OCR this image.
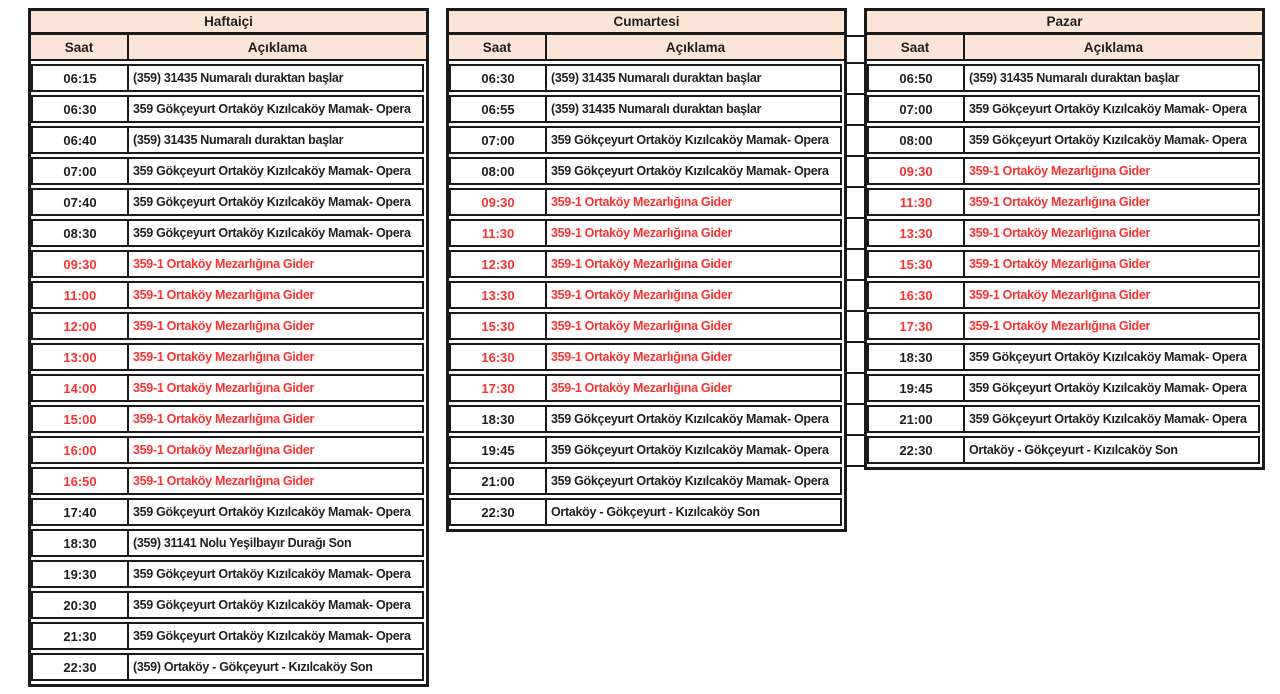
Haftaiçi
Saat	Açıklama
06:15	(359) 31435 Numaralı duraktan başlar
06:30	359 Gökçeyurt Ortaköy Kızılcaköy Mamak- Opera
06:40	(359) 31435 Numaralı duraktan başlar
07:00	359 Gökçeyurt Ortaköy Kızılcaköy Mamak- Opera
07:40	359 Gökçeyurt Ortaköy Kızılcaköy Mamak- Opera
08:30	359 Gökçeyurt Ortaköy Kızılcaköy Mamak- Opera
09:30	359-1 Ortaköy Mezarlığına Gider
11:00	359-1 Ortaköy Mezarlığına Gider
12:00	359-1 Ortaköy Mezarlığına Gider
13:00	359-1 Ortaköy Mezarlığına Gider
14:00	359-1 Ortaköy Mezarlığına Gider
15:00	359-1 Ortaköy Mezarlığına Gider
16:00	359-1 Ortaköy Mezarlığına Gider
16:50	359-1 Ortaköy Mezarlığına Gider
17:40	359 Gökçeyurt Ortaköy Kızılcaköy Mamak- Opera
18:30	(359) 31141 Nolu Yeşilbayır Durağı Son
19:30	359 Gökçeyurt Ortaköy Kızılcaköy Mamak- Opera
20:30	359 Gökçeyurt Ortaköy Kızılcaköy Mamak- Opera
21:30	359 Gökçeyurt Ortaköy Kızılcaköy Mamak- Opera
22:30	(359) Ortaköy - Gökçeyurt - Kızılcaköy Son
Cumartesi
Saat	Açıklama
06:30	(359) 31435 Numaralı duraktan başlar
06:55	(359) 31435 Numaralı duraktan başlar
07:00	359 Gökçeyurt Ortaköy Kızılcaköy Mamak- Opera
08:00	359 Gökçeyurt Ortaköy Kızılcaköy Mamak- Opera
09:30	359-1 Ortaköy Mezarlığına Gider
11:30	359-1 Ortaköy Mezarlığına Gider
12:30	359-1 Ortaköy Mezarlığına Gider
13:30	359-1 Ortaköy Mezarlığına Gider
15:30	359-1 Ortaköy Mezarlığına Gider
16:30	359-1 Ortaköy Mezarlığına Gider
17:30	359-1 Ortaköy Mezarlığına Gider
18:30	359 Gökçeyurt Ortaköy Kızılcaköy Mamak- Opera
19:45	359 Gökçeyurt Ortaköy Kızılcaköy Mamak- Opera
21:00	359 Gökçeyurt Ortaköy Kızılcaköy Mamak- Opera
22:30	Ortaköy - Gökçeyurt - Kızılcaköy Son
Pazar
Saat	Açıklama
06:50	(359) 31435 Numaralı duraktan başlar
07:00	359 Gökçeyurt Ortaköy Kızılcaköy Mamak- Opera
08:00	359 Gökçeyurt Ortaköy Kızılcaköy Mamak- Opera
09:30	359-1 Ortaköy Mezarlığına Gider
11:30	359-1 Ortaköy Mezarlığına Gider
13:30	359-1 Ortaköy Mezarlığına Gider
15:30	359-1 Ortaköy Mezarlığına Gider
16:30	359-1 Ortaköy Mezarlığına Gider
17:30	359-1 Ortaköy Mezarlığına Gider
18:30	359 Gökçeyurt Ortaköy Kızılcaköy Mamak- Opera
19:45	359 Gökçeyurt Ortaköy Kızılcaköy Mamak- Opera
21:00	359 Gökçeyurt Ortaköy Kızılcaköy Mamak- Opera
22:30	Ortaköy - Gökçeyurt - Kızılcaköy Son
